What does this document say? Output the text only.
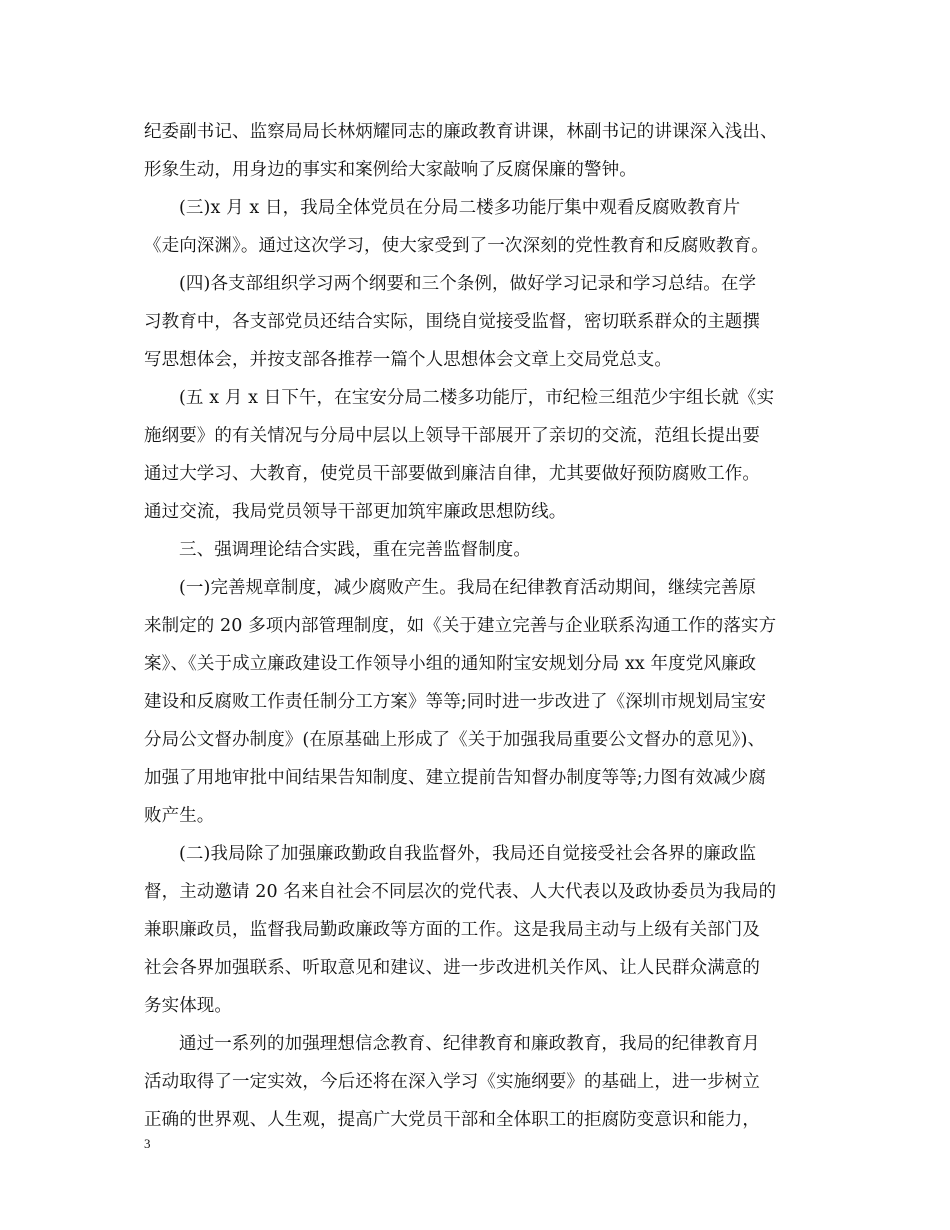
纪委副书记、监察局局长林炳耀同志的廉政教育讲课，林副书记的讲课深入浅出、
形象生动，用身边的事实和案例给大家敲响了反腐保廉的警钟。
(三)x 月 x 日，我局全体党员在分局二楼多功能厅集中观看反腐败教育片
《走向深渊》。通过这次学习，使大家受到了一次深刻的党性教育和反腐败教育。
(四)各支部组织学习两个纲要和三个条例，做好学习记录和学习总结。在学
习教育中，各支部党员还结合实际，围绕自觉接受监督，密切联系群众的主题撰
写思想体会，并按支部各推荐一篇个人思想体会文章上交局党总支。
(五 x 月 x 日下午，在宝安分局二楼多功能厅，市纪检三组范少宇组长就《实
施纲要》的有关情况与分局中层以上领导干部展开了亲切的交流，范组长提出要
通过大学习、大教育，使党员干部要做到廉洁自律，尤其要做好预防腐败工作。
通过交流，我局党员领导干部更加筑牢廉政思想防线。
三、强调理论结合实践，重在完善监督制度。
(一)完善规章制度，减少腐败产生。我局在纪律教育活动期间，继续完善原
来制定的 20 多项内部管理制度，如《关于建立完善与企业联系沟通工作的落实方
案》、《关于成立廉政建设工作领导小组的通知附宝安规划分局 xx 年度党风廉政
建设和反腐败工作责任制分工方案》等等;同时进一步改进了《深圳市规划局宝安
分局公文督办制度》(在原基础上形成了《关于加强我局重要公文督办的意见》)、
加强了用地审批中间结果告知制度、建立提前告知督办制度等等;力图有效减少腐
败产生。
(二)我局除了加强廉政勤政自我监督外，我局还自觉接受社会各界的廉政监
督，主动邀请 20 名来自社会不同层次的党代表、人大代表以及政协委员为我局的
兼职廉政员，监督我局勤政廉政等方面的工作。这是我局主动与上级有关部门及
社会各界加强联系、听取意见和建议、进一步改进机关作风、让人民群众满意的
务实体现。
通过一系列的加强理想信念教育、纪律教育和廉政教育，我局的纪律教育月
活动取得了一定实效，今后还将在深入学习《实施纲要》的基础上，进一步树立
正确的世界观、人生观，提高广大党员干部和全体职工的拒腐防变意识和能力，
3
